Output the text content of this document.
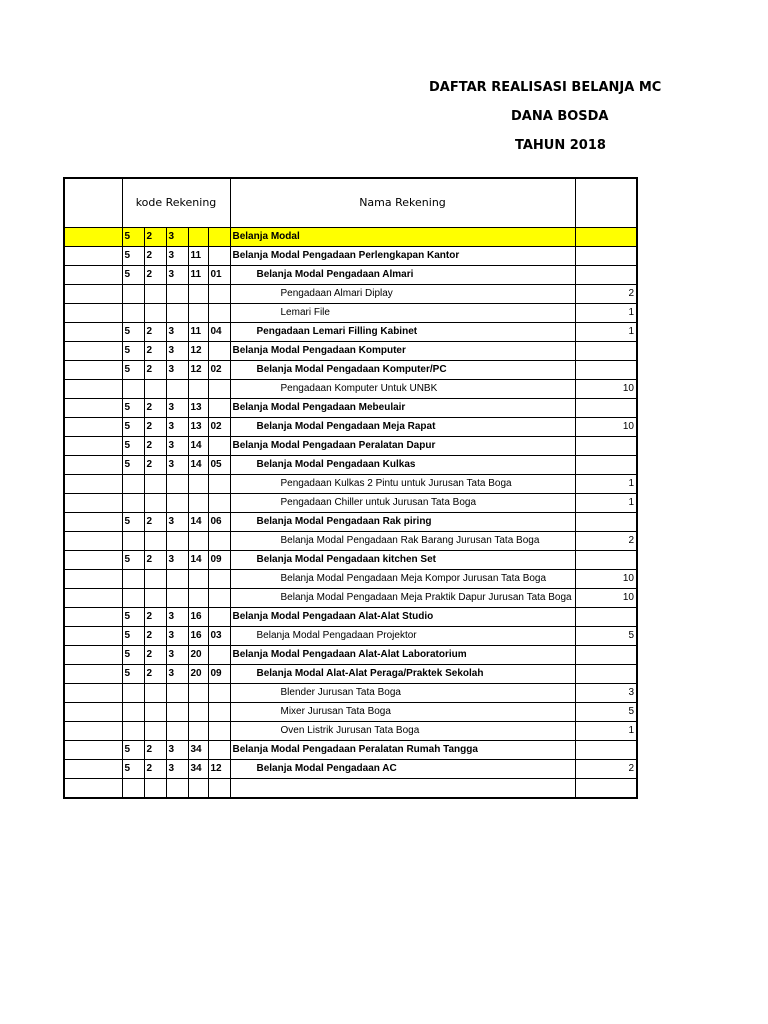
DAFTAR REALISASI BELANJA MC
DANA BOSDA
TAHUN 2018
	kode Rekening					Nama Rekening	
	5	2	3			Belanja Modal	
	5	2	3	11		Belanja Modal Pengadaan Perlengkapan Kantor	
	5	2	3	11	01	Belanja Modal Pengadaan Almari	
						Pengadaan Almari Diplay	2
						Lemari File	1
	5	2	3	11	04	Pengadaan Lemari Filling Kabinet	1
	5	2	3	12		Belanja Modal Pengadaan Komputer	
	5	2	3	12	02	Belanja Modal Pengadaan Komputer/PC	
						Pengadaan Komputer Untuk UNBK	10
	5	2	3	13		Belanja Modal Pengadaan Mebeulair	
	5	2	3	13	02	Belanja Modal Pengadaan Meja Rapat	10
	5	2	3	14		Belanja Modal Pengadaan Peralatan Dapur	
	5	2	3	14	05	Belanja Modal Pengadaan Kulkas	
						Pengadaan Kulkas 2 Pintu untuk Jurusan Tata Boga	1
						Pengadaan Chiller untuk Jurusan Tata Boga	1
	5	2	3	14	06	Belanja Modal Pengadaan Rak piring	
						Belanja Modal Pengadaan Rak Barang Jurusan Tata Boga	2
	5	2	3	14	09	Belanja Modal Pengadaan kitchen Set	
						Belanja Modal Pengadaan Meja Kompor Jurusan Tata Boga	10
						Belanja Modal Pengadaan Meja Praktik Dapur Jurusan Tata Boga	10
	5	2	3	16		Belanja Modal Pengadaan Alat-Alat Studio	
	5	2	3	16	03	Belanja Modal Pengadaan Projektor	5
	5	2	3	20		Belanja Modal Pengadaan Alat-Alat Laboratorium	
	5	2	3	20	09	Belanja Modal Alat-Alat Peraga/Praktek Sekolah	
						Blender Jurusan Tata Boga	3
						Mixer Jurusan Tata Boga	5
						Oven Listrik Jurusan Tata Boga	1
	5	2	3	34		Belanja Modal Pengadaan Peralatan Rumah Tangga	
	5	2	3	34	12	Belanja Modal Pengadaan AC	2
